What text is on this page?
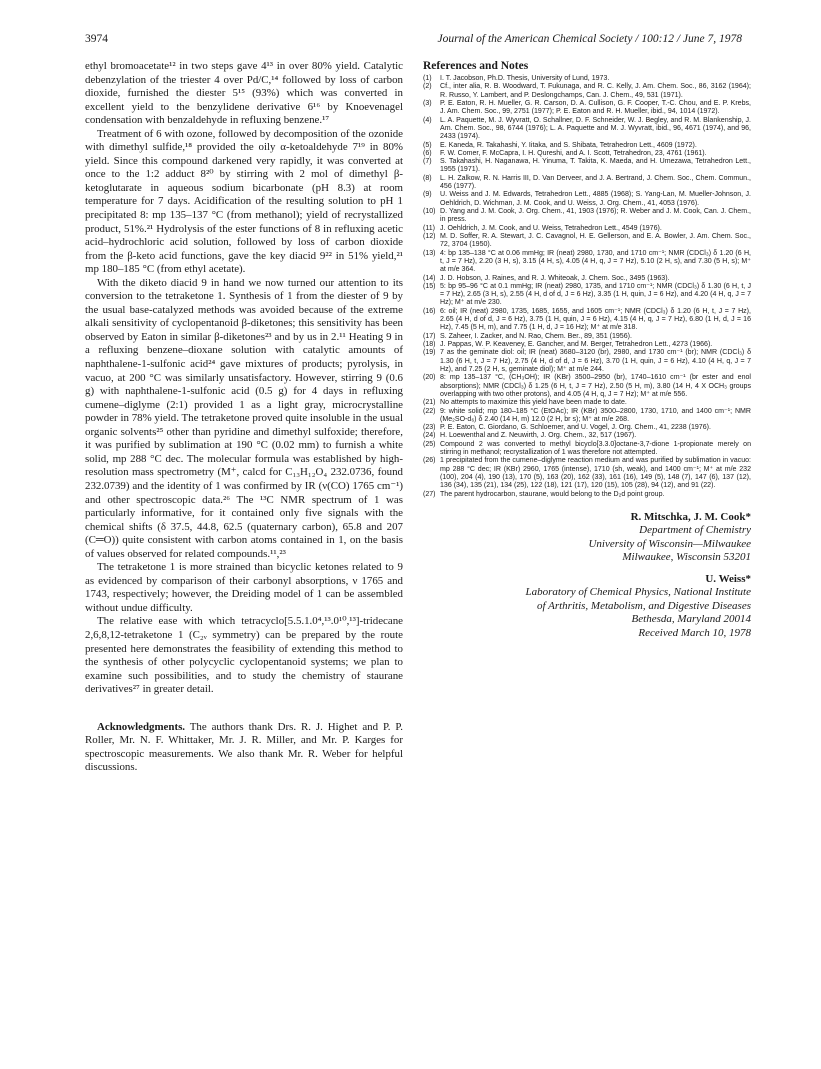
3974	Journal of the American Chemical Society / 100:12 / June 7, 1978

ethyl bromoacetate¹² in two steps gave 4¹³ in over 80% yield. Catalytic debenzylation of the triester 4 over Pd/C,¹⁴ followed by loss of carbon dioxide, furnished the diester 5¹⁵ (93%) which was converted in excellent yield to the benzylidene derivative 6¹⁶ by Knoevenagel condensation with benzaldehyde in refluxing benzene.¹⁷

Treatment of 6 with ozone, followed by decomposition of the ozonide with dimethyl sulfide,¹⁸ provided the oily α-ketoaldehyde 7¹⁹ in 80% yield. Since this compound darkened very rapidly, it was converted at once to the 1:2 adduct 8²⁰ by stirring with 2 mol of dimethyl β-ketoglutarate in aqueous sodium bicarbonate (pH 8.3) at room temperature for 7 days. Acidification of the resulting solution to pH 1 precipitated 8: mp 135–137 °C (from methanol); yield of recrystallized product, 51%.²¹ Hydrolysis of the ester functions of 8 in refluxing acetic acid–hydrochloric acid solution, followed by loss of carbon dioxide from the β-keto acid functions, gave the key diacid 9²² in 51% yield,²¹ mp 180–185 °C (from ethyl acetate).

With the diketo diacid 9 in hand we now turned our attention to its conversion to the tetraketone 1. Synthesis of 1 from the diester of 9 by the usual base-catalyzed methods was avoided because of the extreme alkali sensitivity of cyclopentanoid β-diketones; this sensitivity has been observed by Eaton in similar β-diketones²³ and by us in 2.¹¹ Heating 9 in a refluxing benzene–dioxane solution with catalytic amounts of naphthalene-1-sulfonic acid²⁴ gave mixtures of products; pyrolysis, in vacuo, at 200 °C was similarly unsatisfactory. However, stirring 9 (0.6 g) with naphthalene-1-sulfonic acid (0.5 g) for 4 days in refluxing cumene–diglyme (2:1) provided 1 as a light gray, microcrystalline powder in 78% yield. The tetraketone proved quite insoluble in the usual organic solvents²⁵ other than pyridine and dimethyl sulfoxide; therefore, it was purified by sublimation at 190 °C (0.02 mm) to furnish a white solid, mp 288 °C dec. The molecular formula was established by high-resolution mass spectrometry (M⁺, calcd for C₁₃H₁₂O₄ 232.0736, found 232.0739) and the identity of 1 was confirmed by IR (ν(CO) 1765 cm⁻¹) and other spectroscopic data.²⁶ The ¹³C NMR spectrum of 1 was particularly informative, for it contained only five signals with the chemical shifts (δ 37.5, 44.8, 62.5 (quaternary carbon), 65.8 and 207 (C═O)) quite consistent with carbon atoms contained in 1, on the basis of values observed for related compounds.¹¹,²³

The tetraketone 1 is more strained than bicyclic ketones related to 9 as evidenced by comparison of their carbonyl absorptions, ν 1765 and 1743, respectively; however, the Dreiding model of 1 can be assembled without undue difficulty.

The relative ease with which tetracyclo[5.5.1.0⁴,¹³.0¹⁰,¹³]-tridecane 2,6,8,12-tetraketone 1 (C₂ᵥ symmetry) can be prepared by the route presented here demonstrates the feasibility of extending this method to the synthesis of other polycyclic cyclopentanoid systems; we plan to examine such possibilities, and to study the chemistry of staurane derivatives²⁷ in greater detail.

Acknowledgments. The authors thank Drs. R. J. Highet and P. P. Roller, Mr. N. F. Whittaker, Mr. J. R. Miller, and Mr. P. Karges for spectroscopic measurements. We also thank Mr. R. Weber for helpful discussions.

References and Notes
(1) I. T. Jacobson, Ph.D. Thesis, University of Lund, 1973.
(2) Cf., inter alia, R. B. Woodward, T. Fukunaga, and R. C. Kelly, J. Am. Chem. Soc., 86, 3162 (1964); R. Russo, Y. Lambert, and P. Deslongchamps, Can. J. Chem., 49, 531 (1971).
(3) P. E. Eaton, R. H. Mueller, G. R. Carson, D. A. Cullison, G. F. Cooper, T.-C. Chou, and E. P. Krebs, J. Am. Chem. Soc., 99, 2751 (1977); P. E. Eaton and R. H. Mueller, ibid., 94, 1014 (1972).
(4) L. A. Paquette, M. J. Wyvratt, O. Schallner, D. F. Schneider, W. J. Begley, and R. M. Blankenship, J. Am. Chem. Soc., 98, 6744 (1976); L. A. Paquette and M. J. Wyvratt, ibid., 96, 4671 (1974), and 96, 2433 (1974).
(5) E. Kaneda, R. Takahashi, Y. Iitaka, and S. Shibata, Tetrahedron Lett., 4609 (1972).
(6) F. W. Comer, F. McCapra, I. H. Qureshi, and A. I. Scott, Tetrahedron, 23, 4761 (1961).
(7) S. Takahashi, H. Naganawa, H. Yinuma, T. Takita, K. Maeda, and H. Umezawa, Tetrahedron Lett., 1955 (1971).
(8) L. H. Zalkow, R. N. Harris III, D. Van Derveer, and J. A. Bertrand, J. Chem. Soc., Chem. Commun., 456 (1977).
(9) U. Weiss and J. M. Edwards, Tetrahedron Lett., 4885 (1968); S. Yang-Lan, M. Mueller-Johnson, J. Oehldrich, D. Wichman, J. M. Cook, and U. Weiss, J. Org. Chem., 41, 4053 (1976).
(10) D. Yang and J. M. Cook, J. Org. Chem., 41, 1903 (1976); R. Weber and J. M. Cook, Can. J. Chem., in press.
(11) J. Oehldrich, J. M. Cook, and U. Weiss, Tetrahedron Lett., 4549 (1976).
(12) M. D. Soffer, R. A. Stewart, J. C. Cavagnol, H. E. Gellerson, and E. A. Bowler, J. Am. Chem. Soc., 72, 3704 (1950).
(13) 4: bp 135–138 °C at 0.06 mmHg; IR (neat) 2980, 1730, and 1710 cm⁻¹; NMR (CDCl₃) δ 1.20 (6 H, t, J = 7 Hz), 2.20 (3 H, s), 3.15 (4 H, s), 4.05 (4 H, q, J = 7 Hz), 5.10 (2 H, s), and 7.30 (5 H, s); M⁺ at m/e 364.
(14) J. D. Hobson, J. Raines, and R. J. Whiteoak, J. Chem. Soc., 3495 (1963).
(15) 5: bp 95–96 °C at 0.1 mmHg; IR (neat) 2980, 1735, and 1710 cm⁻¹; NMR (CDCl₃) δ 1.30 (6 H, t, J = 7 Hz), 2.65 (3 H, s), 2.55 (4 H, d of d, J = 6 Hz), 3.35 (1 H, quin, J = 6 Hz), and 4.20 (4 H, q, J = 7 Hz); M⁺ at m/e 230.
(16) 6: oil; IR (neat) 2980, 1735, 1685, 1655, and 1605 cm⁻¹; NMR (CDCl₃) δ 1.20 (6 H, t, J = 7 Hz), 2.65 (4 H, d of d, J = 6 Hz), 3.75 (1 H, quin, J = 6 Hz), 4.15 (4 H, q, J = 7 Hz), 6.80 (1 H, d, J = 16 Hz), 7.45 (5 H, m), and 7.75 (1 H, d, J = 16 Hz); M⁺ at m/e 318.
(17) S. Zaheer, I. Zacker, and N. Rao, Chem. Ber., 89, 351 (1956).
(18) J. Pappas, W. P. Keaveney, E. Gancher, and M. Berger, Tetrahedron Lett., 4273 (1966).
(19) 7 as the geminate diol: oil; IR (neat) 3680–3120 (br), 2980, and 1730 cm⁻¹ (br); NMR (CDCl₃) δ 1.30 (6 H, t, J = 7 Hz), 2.75 (4 H, d of d, J = 6 Hz), 3.70 (1 H, quin, J = 6 Hz), 4.10 (4 H, q, J = 7 Hz), and 7.25 (2 H, s, geminate diol); M⁺ at m/e 244.
(20) 8: mp 135–137 °C, (CH₃OH); IR (KBr) 3500–2950 (br), 1740–1610 cm⁻¹ (br ester and enol absorptions); NMR (CDCl₃) δ 1.25 (6 H, t, J = 7 Hz), 2.50 (5 H, m), 3.80 (14 H, 4 X OCH₃ groups overlapping with two other protons), and 4.05 (4 H, q, J = 7 Hz); M⁺ at m/e 556.
(21) No attempts to maximize this yield have been made to date.
(22) 9: white solid; mp 180–185 °C (EtOAc); IR (KBr) 3500–2800, 1730, 1710, and 1400 cm⁻¹; NMR (Me₂SO-d₆) δ 2.40 (14 H, m) 12.0 (2 H, br s); M⁺ at m/e 268.
(23) P. E. Eaton, C. Giordano, G. Schloemer, and U. Vogel, J. Org. Chem., 41, 2238 (1976).
(24) H. Loewenthal and Z. Neuwirth, J. Org. Chem., 32, 517 (1967).
(25) Compound 2 was converted to methyl bicyclo[3.3.0]octane-3,7-dione 1-propionate merely on stirring in methanol; recrystallization of 1 was therefore not attempted.
(26) 1 precipitated from the cumene–diglyme reaction medium and was purified by sublimation in vacuo: mp 288 °C dec; IR (KBr) 2960, 1765 (intense), 1710 (sh, weak), and 1400 cm⁻¹; M⁺ at m/e 232 (100), 204 (4), 190 (13), 170 (5), 163 (20), 162 (33), 161 (16), 149 (5), 148 (7), 147 (6), 137 (12), 136 (34), 135 (21), 134 (25), 122 (18), 121 (17), 120 (15), 105 (28), 94 (12), and 91 (22).
(27) The parent hydrocarbon, staurane, would belong to the D₂d point group.
R. Mitschka, J. M. Cook*
Department of Chemistry
University of Wisconsin—Milwaukee
Milwaukee, Wisconsin 53201
U. Weiss*
Laboratory of Chemical Physics, National Institute
of Arthritis, Metabolism, and Digestive Diseases
Bethesda, Maryland 20014
Received March 10, 1978
